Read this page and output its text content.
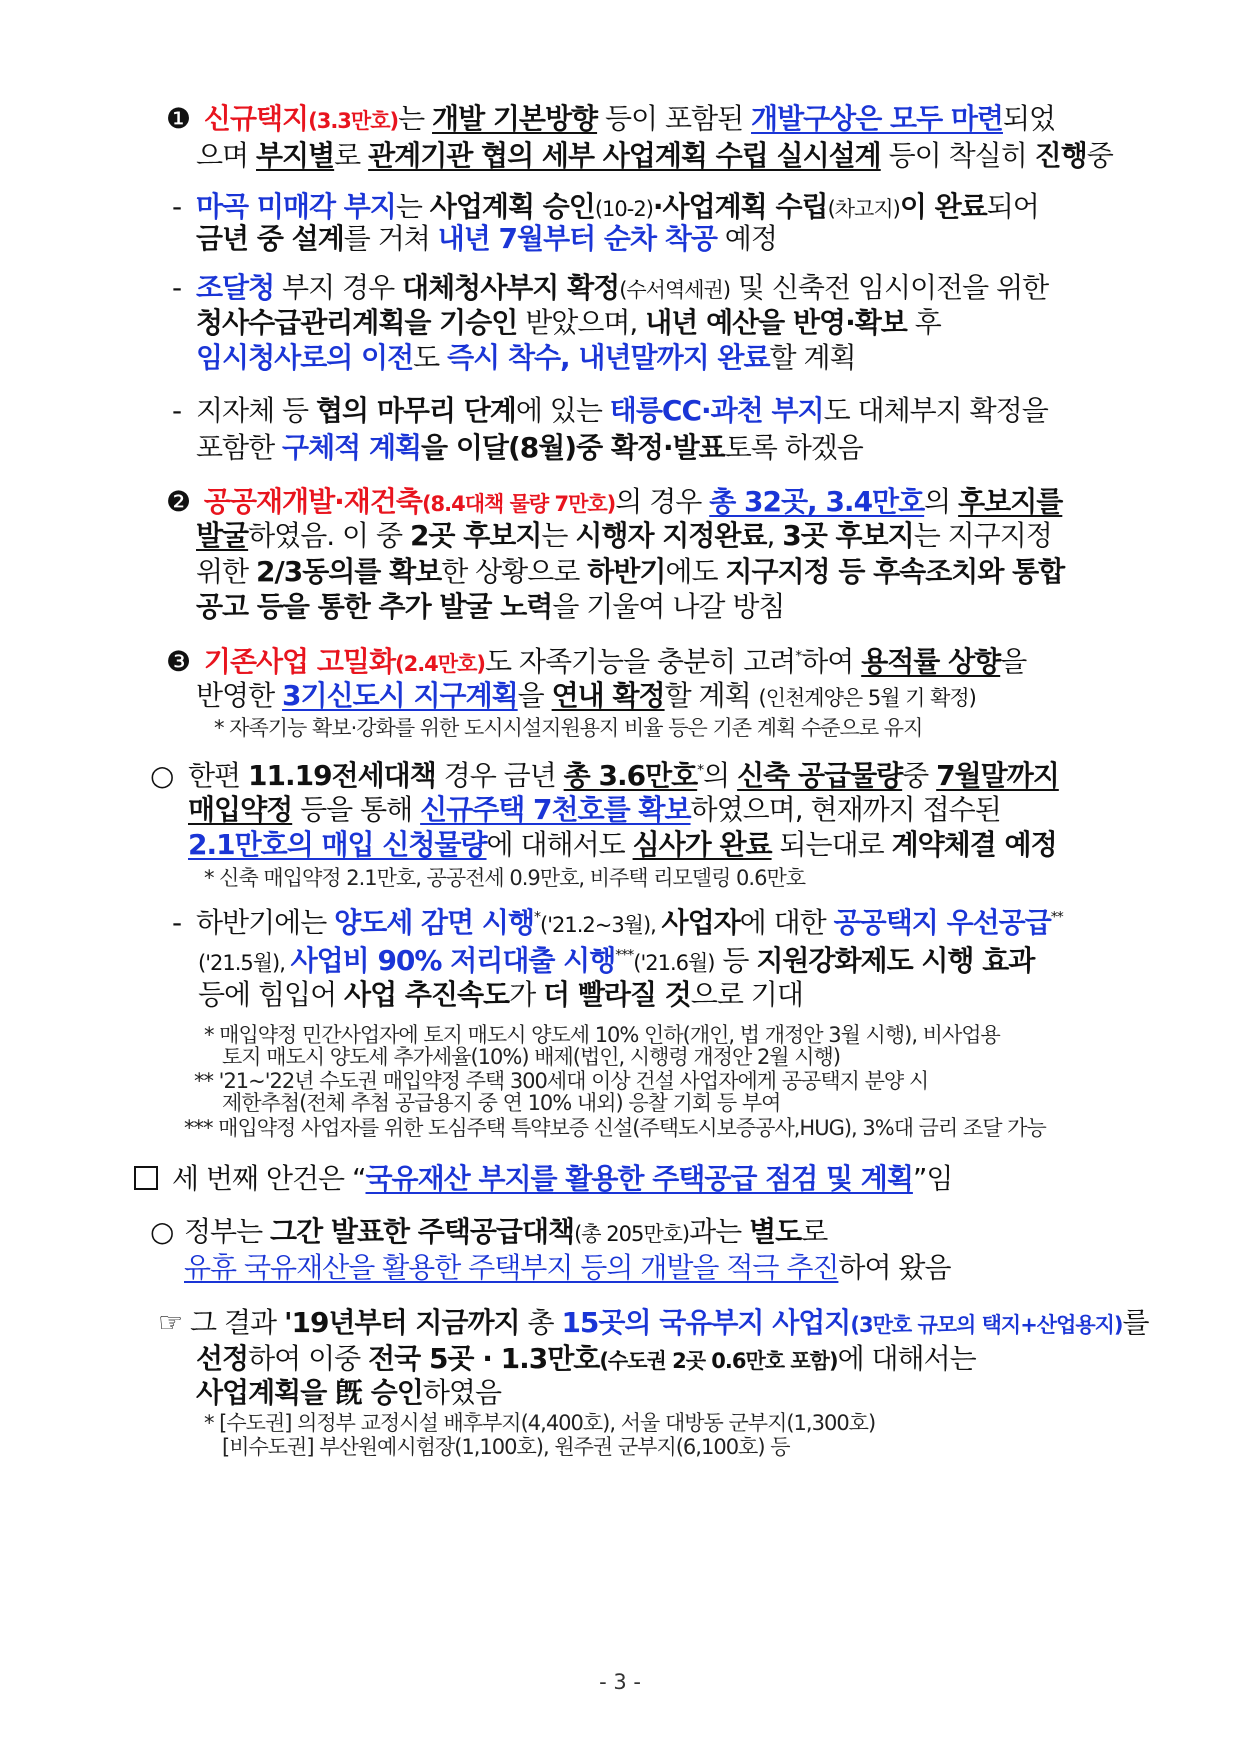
❶ 신규택지(3.3만호)는 개발 기본방향 등이 포함된 개발구상은 모두 마련되었
으며 부지별로 관계기관 협의 세부 사업계획 수립 실시설계 등이 착실히 진행중
- 마곡 미매각 부지는 사업계획 승인(10-2)·사업계획 수립(차고지)이 완료되어
금년 중 설계를 거쳐 내년 7월부터 순차 착공 예정
- 조달청 부지 경우 대체청사부지 확정(수서역세권) 및 신축전 임시이전을 위한
청사수급관리계획을 기승인 받았으며, 내년 예산을 반영·확보 후
임시청사로의 이전도 즉시 착수, 내년말까지 완료할 계획
- 지자체 등 협의 마무리 단계에 있는 태릉CC·과천 부지도 대체부지 확정을
포함한 구체적 계획을 이달(8월)중 확정·발표토록 하겠음
❷ 공공재개발·재건축(8.4대책 물량 7만호)의 경우 총 32곳, 3.4만호의 후보지를
발굴하였음. 이 중 2곳 후보지는 시행자 지정완료, 3곳 후보지는 지구지정
위한 2/3동의를 확보한 상황으로 하반기에도 지구지정 등 후속조치와 통합
공고 등을 통한 추가 발굴 노력을 기울여 나갈 방침
❸ 기존사업 고밀화(2.4만호)도 자족기능을 충분히 고려*하여 용적률 상향을
반영한 3기신도시 지구계획을 연내 확정할 계획 (인천계양은 5월 기 확정)
* 자족기능 확보·강화를 위한 도시시설지원용지 비율 등은 기존 계획 수준으로 유지
○ 한편 11.19전세대책 경우 금년 총 3.6만호*의 신축 공급물량중 7월말까지
매입약정 등을 통해 신규주택 7천호를 확보하였으며, 현재까지 접수된
2.1만호의 매입 신청물량에 대해서도 심사가 완료 되는대로 계약체결 예정
* 신축 매입약정 2.1만호, 공공전세 0.9만호, 비주택 리모델링 0.6만호
- 하반기에는 양도세 감면 시행*('21.2~3월), 사업자에 대한 공공택지 우선공급**
('21.5월), 사업비 90% 저리대출 시행***('21.6월) 등 지원강화제도 시행 효과
등에 힘입어 사업 추진속도가 더 빨라질 것으로 기대
* 매입약정 민간사업자에 토지 매도시 양도세 10% 인하(개인, 법 개정안 3월 시행), 비사업용
토지 매도시 양도세 추가세율(10%) 배제(법인, 시행령 개정안 2월 시행)
** '21~'22년 수도권 매입약정 주택 300세대 이상 건설 사업자에게 공공택지 분양 시
제한추첨(전체 추첨 공급용지 중 연 10% 내외) 응찰 기회 등 부여
*** 매입약정 사업자를 위한 도심주택 특약보증 신설(주택도시보증공사,HUG), 3%대 금리 조달 가능
세 번째 안건은 “국유재산 부지를 활용한 주택공급 점검 및 계획”임
○ 정부는 그간 발표한 주택공급대책(총 205만호)과는 별도로
유휴 국유재산을 활용한 주택부지 등의 개발을 적극 추진하여 왔음
☞ 그 결과 '19년부터 지금까지 총 15곳의 국유부지 사업지(3만호 규모의 택지+산업용지)를
선정하여 이중 전국 5곳 · 1.3만호(수도권 2곳 0.6만호 포함)에 대해서는
사업계획을 旣 승인하였음
* [수도권] 의정부 교정시설 배후부지(4,400호), 서울 대방동 군부지(1,300호)
[비수도권] 부산원예시험장(1,100호), 원주권 군부지(6,100호) 등
- 3 -
